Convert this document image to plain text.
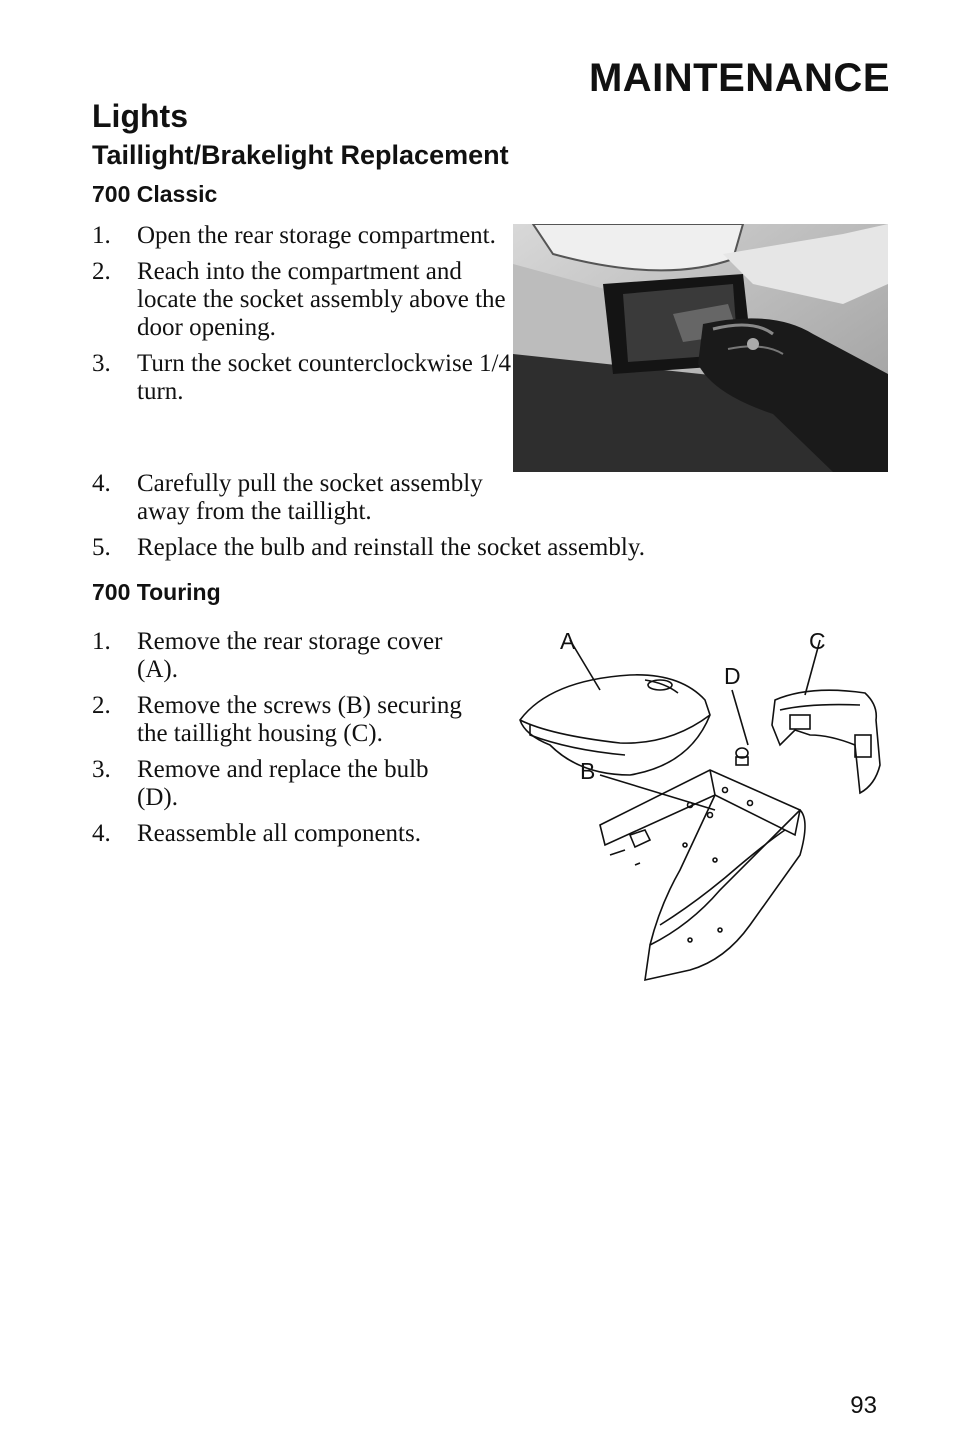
MAINTENANCE
Lights
Taillight/Brakelight Replacement
700 Classic
1. Open the rear storage compartment.
2. Reach into the compartment and locate the socket assembly above the door opening.
3. Turn the socket counterclockwise 1/4 turn.
4. Carefully pull the socket assembly away from the taillight.
5. Replace the bulb and reinstall the socket assembly.
700 Touring
1. Remove the rear storage cover (A).
2. Remove the screws (B) securing the taillight housing (C).
3. Remove and replace the bulb (D).
4. Reassemble all components.
A	C
D
B
93
